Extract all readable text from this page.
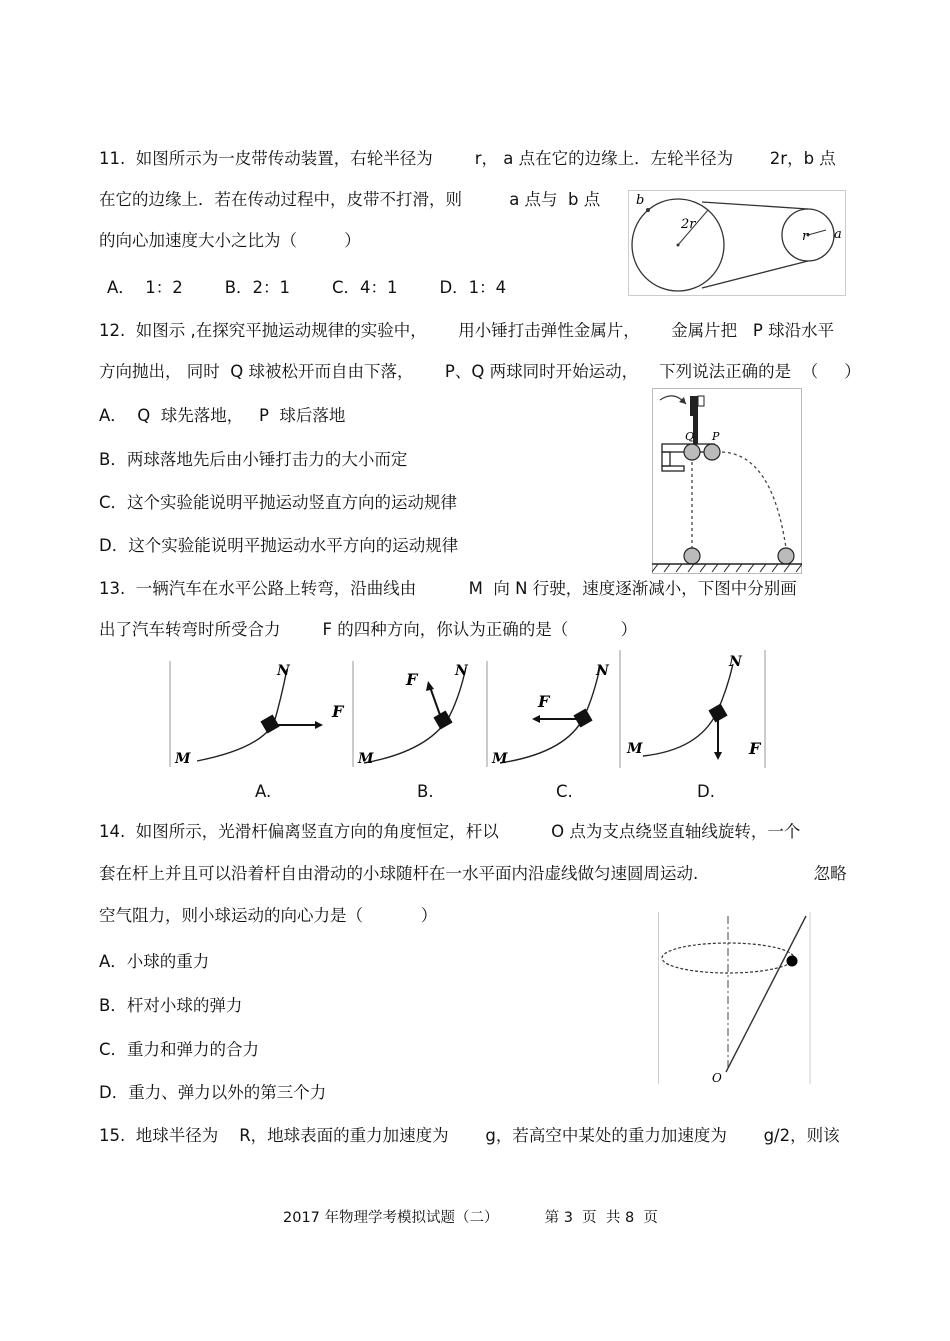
11.  如图所示为一皮带传动装置，右轮半径为        r， a 点在它的边缘上．左轮半径为       2r，b 点
在它的边缘上．若在传动过程中，皮带不打滑，则         a 点与  b 点
的向心加速度大小之比为（         ）
A．  1：2        B．2：1        C．4：1        D．1：4
2r
r
b
a
12.  如图示 ,在探究平抛运动规律的实验中，      用小锤打击弹性金属片，      金属片把   P 球沿水平
方向抛出， 同时  Q 球被松开而自由下落，      P、Q 两球同时开始运动，    下列说法正确的是  （     ）
A．  Q  球先落地，   P  球后落地
B．两球落地先后由小锤打击力的大小而定
C．这个实验能说明平抛运动竖直方向的运动规律
D．这个实验能说明平抛运动水平方向的运动规律
Q P
13.  一辆汽车在水平公路上转弯，沿曲线由          M  向 N 行驶，速度逐渐减小，下图中分别画
出了汽车转弯时所受合力        F 的四种方向，你认为正确的是（          ）
M
N
F
M
N
F
M
N
F
M
N
F
A.	B.	C.	D.
14.  如图所示，光滑杆偏离竖直方向的角度恒定，杆以          O 点为支点绕竖直轴线旋转，一个
套在杆上并且可以沿着杆自由滑动的小球随杆在一水平面内沿虚线做匀速圆周运动.                      忽略
空气阻力，则小球运动的向心力是（           ）
A．小球的重力
B．杆对小球的弹力
C．重力和弹力的合力
D．重力、弹力以外的第三个力
O
15.  地球半径为    R，地球表面的重力加速度为       g，若高空中某处的重力加速度为       g/2，则该
2017 年物理学考模拟试题（二）          第 3  页  共 8  页
